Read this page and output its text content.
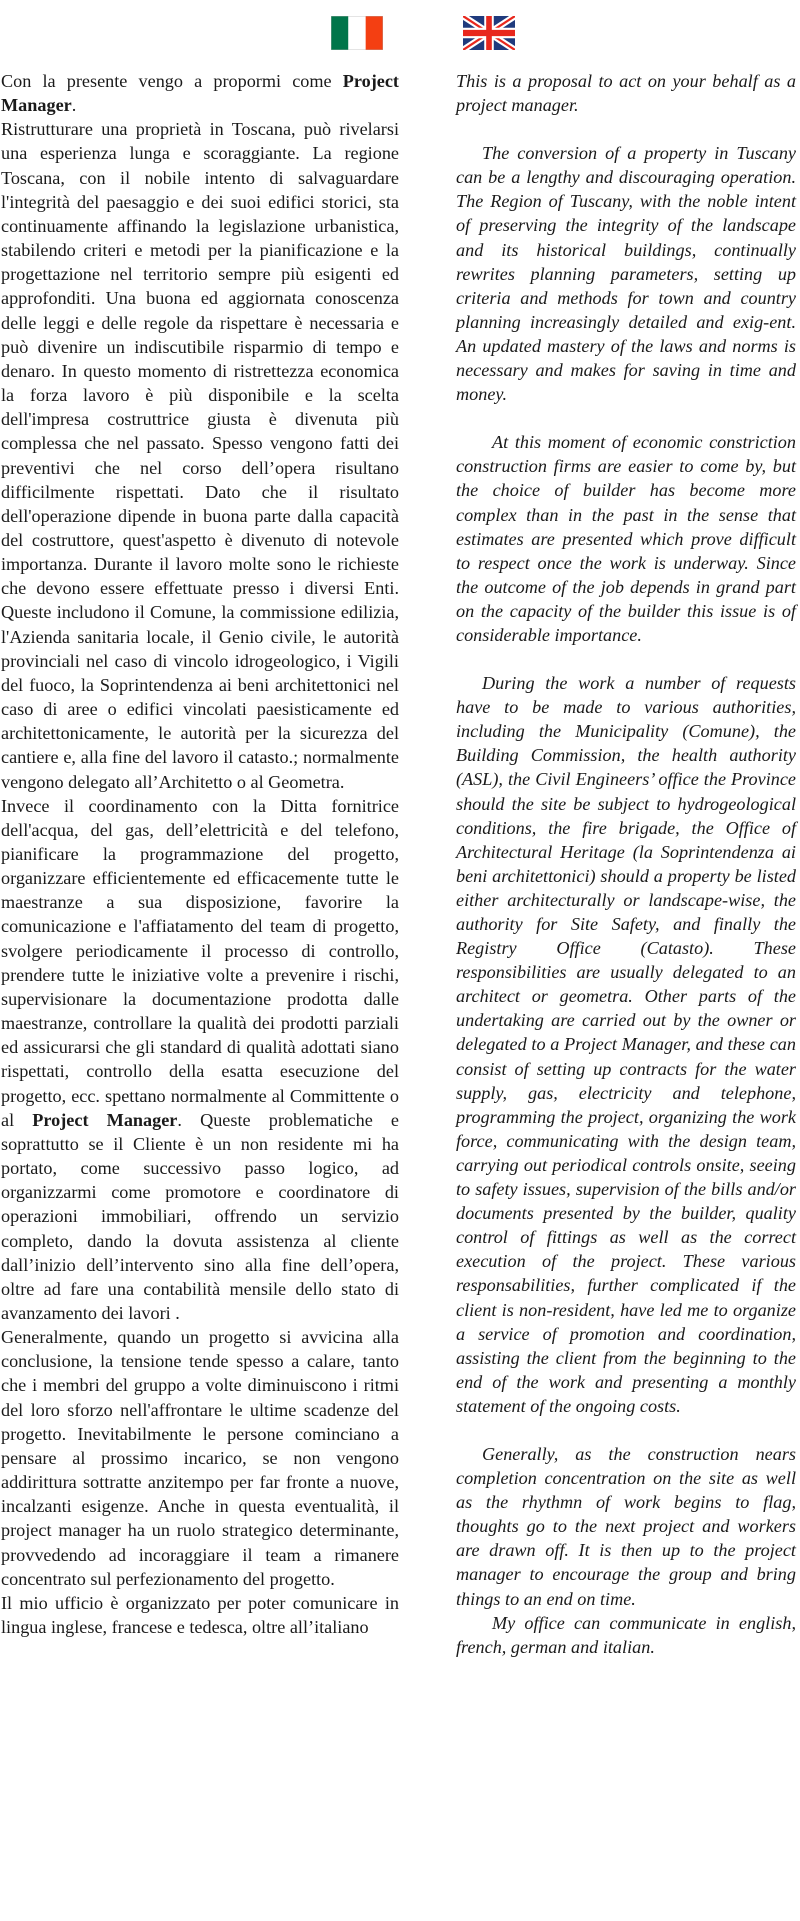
Con la presente vengo a propormi come Project Manager.

Ristrutturare una proprietà in Toscana, può rivelarsi una esperienza lunga e scoraggiante. La regione Toscana, con il nobile intento di salvaguardare l'integrità del paesaggio e dei suoi edifici storici, sta continuamente affinando la legislazione urbanistica, stabilendo criteri e metodi per la pianificazione e la progettazione nel territorio sempre più esigenti ed approfonditi. Una buona ed aggiornata conoscenza delle leggi e delle regole da rispettare è necessaria e può divenire un indiscutibile risparmio di tempo e denaro. In questo momento di ristrettezza economica la forza lavoro è più disponibile e la scelta dell'impresa costruttrice giusta è divenuta più complessa che nel passato. Spesso vengono fatti dei preventivi che nel corso dell’opera risultano difficilmente rispettati. Dato che il risultato dell'operazione dipende in buona parte dalla capacità del costruttore, quest'aspetto è divenuto di notevole importanza. Durante il lavoro molte sono le richieste che devono essere effettuate presso i diversi Enti. Queste includono il Comune, la commissione edilizia, l'Azienda sanitaria locale, il Genio civile, le autorità provinciali nel caso di vincolo idrogeologico, i Vigili del fuoco, la Soprintendenza ai beni architettonici nel caso di aree o edifici vincolati paesisticamente ed architettonicamente, le autorità per la sicurezza del cantiere e, alla fine del lavoro il catasto.; normalmente vengono delegato all’Architetto o al Geometra.

Invece il coordinamento con la Ditta fornitrice dell'acqua, del gas, dell’elettricità e del telefono, pianificare la programmazione del progetto, organizzare efficientemente ed efficacemente tutte le maestranze a sua disposizione, favorire la comunicazione e l'affiatamento del team di progetto, svolgere periodicamente il processo di controllo, prendere tutte le iniziative volte a prevenire i rischi, supervisionare la documentazione prodotta dalle maestranze, controllare la qualità dei prodotti parziali ed assicurarsi che gli standard di qualità adottati siano rispettati, controllo della esatta esecuzione del progetto, ecc. spettano normalmente al Committente o al Project Manager. Queste problematiche e soprattutto se il Cliente è un non residente mi ha portato, come successivo passo logico, ad organizzarmi come promotore e coordinatore di operazioni immobiliari, offrendo un servizio completo, dando la dovuta assistenza al cliente dall’inizio dell’intervento sino alla fine dell’opera, oltre ad fare una contabilità mensile dello stato di avanzamento dei lavori .

Generalmente, quando un progetto si avvicina alla conclusione, la tensione tende spesso a calare, tanto che i membri del gruppo a volte diminuiscono i ritmi del loro sforzo nell'affrontare le ultime scadenze del progetto. Inevitabilmente le persone cominciano a pensare al prossimo incarico, se non vengono addirittura sottratte anzitempo per far fronte a nuove, incalzanti esigenze. Anche in questa eventualità, il project manager ha un ruolo strategico determinante, provvedendo ad incoraggiare il team a rimanere concentrato sul perfezionamento del progetto.

Il mio ufficio è organizzato per poter comunicare in lingua inglese, francese e tedesca, oltre all’italiano

This is a proposal to act on your behalf as a project manager.

The conversion of a property in Tuscany can be a lengthy and discouraging operation. The Region of Tuscany, with the noble intent of preserving the integrity of the landscape and its historical buildings, continually rewrites planning parameters, setting up criteria and methods for town and country planning increasingly detailed and exig-ent. An updated mastery of the laws and norms is necessary and makes for saving in time and money.

At this moment of economic constriction construction firms are easier to come by, but the choice of builder has become more complex than in the past in the sense that estimates are presented which prove difficult to respect once the work is underway. Since the outcome of the job depends in grand part on the capacity of the builder this issue is of considerable importance.

During the work a number of requests have to be made to various authorities, including the Municipality (Comune), the Building Commission, the health authority (ASL), the Civil Engineers’ office the Province should the site be subject to hydrogeological conditions, the fire brigade, the Office of Architectural Heritage (la Soprintendenza ai beni architettonici) should a property be listed either architecturally or landscape-wise, the authority for Site Safety, and finally the Registry Office (Catasto). These responsibilities are usually delegated to an architect or geometra. Other parts of the undertaking are carried out by the owner or delegated to a Project Manager, and these can consist of setting up contracts for the water supply, gas, electricity and telephone, programming the project, organizing the work force, communicating with the design team, carrying out periodical controls onsite, seeing to safety issues, supervision of the bills and/or documents presented by the builder, quality control of fittings as well as the correct execution of the project. These various responsabilities, further complicated if the client is non-resident, have led me to organize a service of promotion and coordination, assisting the client from the beginning to the end of the work and presenting a monthly statement of the ongoing costs.

Generally, as the construction nears completion concentration on the site as well as the rhythmn of work begins to flag, thoughts go to the next project and workers are drawn off. It is then up to the project manager to encourage the group and bring things to an end on time.

My office can communicate in english, french, german and italian.
